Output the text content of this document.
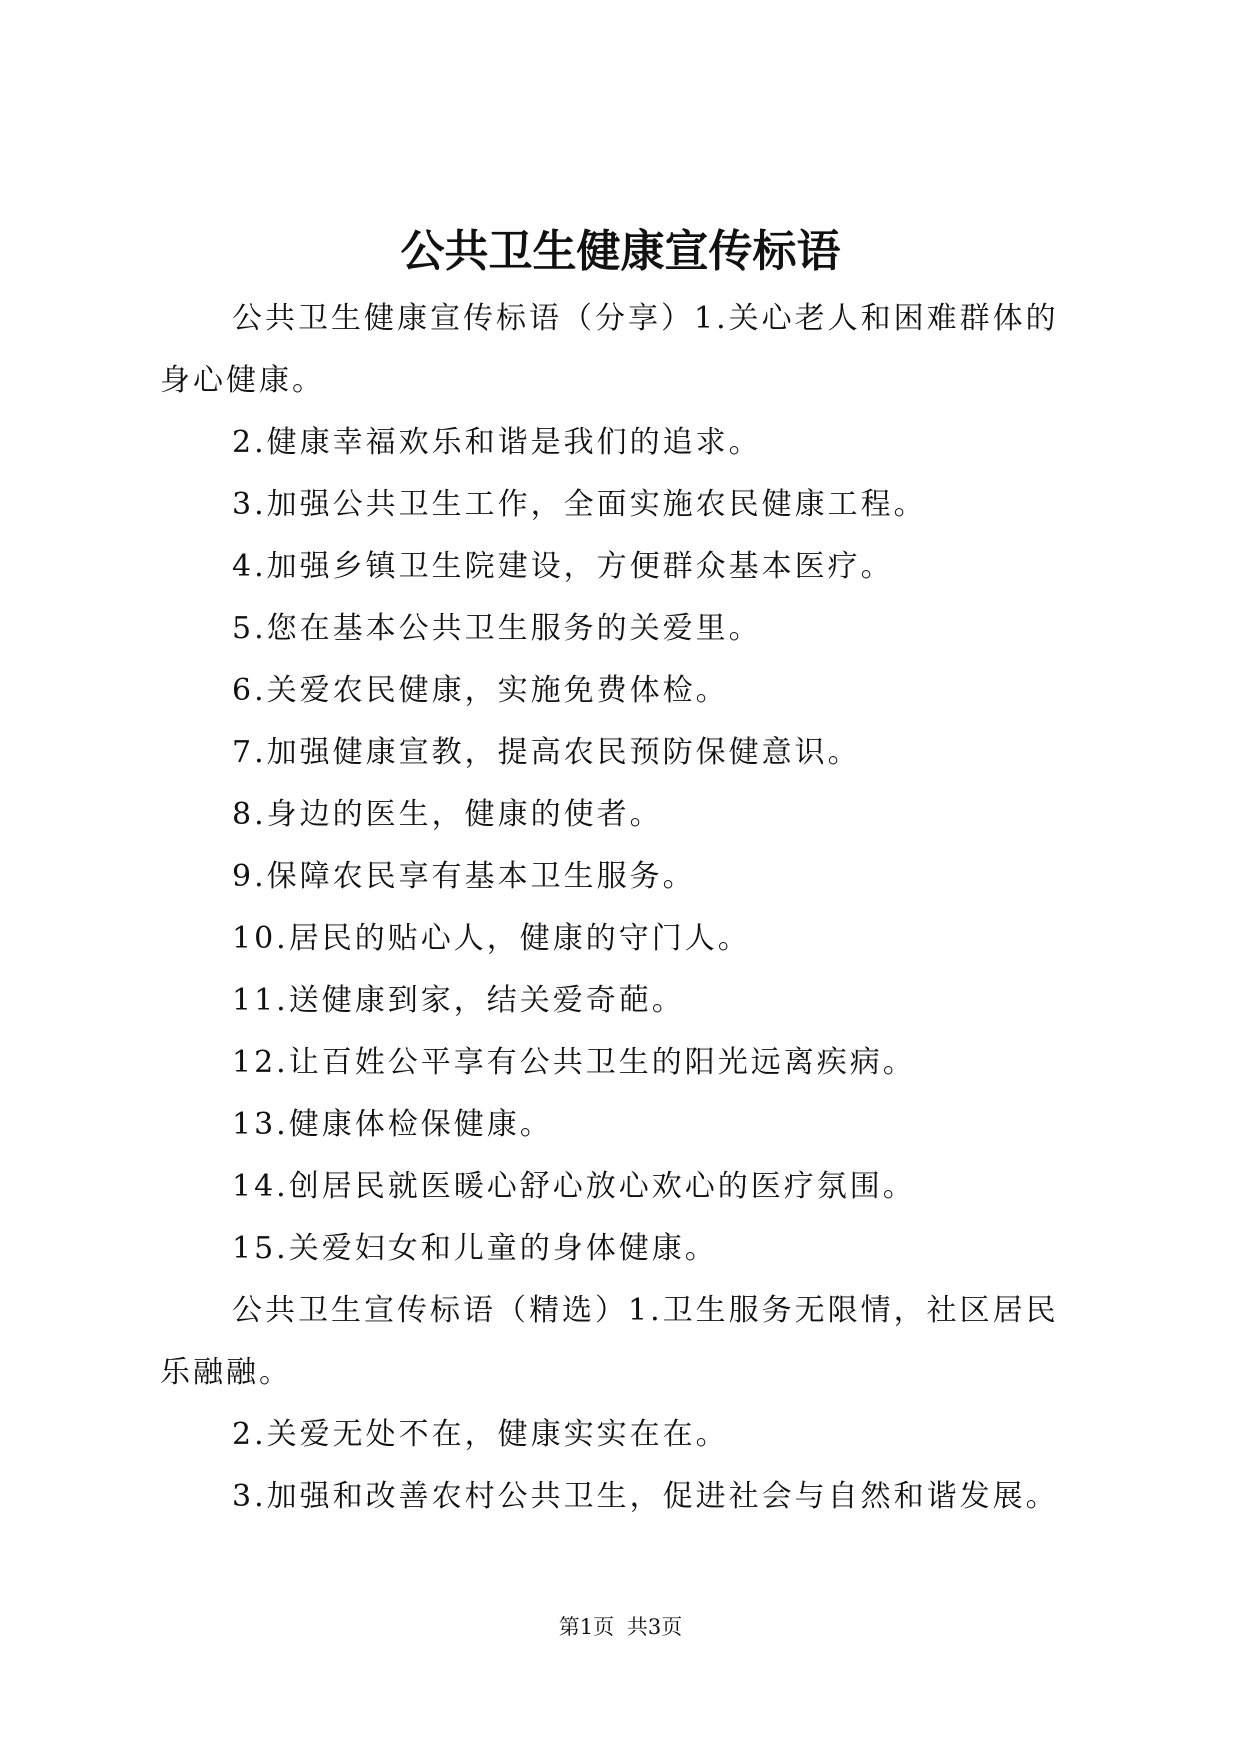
公共卫生健康宣传标语

公共卫生健康宣传标语（分享）1.关心老人和困难群体的身心健康。

2.健康幸福欢乐和谐是我们的追求。

3.加强公共卫生工作，全面实施农民健康工程。

4.加强乡镇卫生院建设，方便群众基本医疗。

5.您在基本公共卫生服务的关爱里。

6.关爱农民健康，实施免费体检。

7.加强健康宣教，提高农民预防保健意识。

8.身边的医生，健康的使者。

9.保障农民享有基本卫生服务。

10.居民的贴心人，健康的守门人。

11.送健康到家，结关爱奇葩。

12.让百姓公平享有公共卫生的阳光远离疾病。

13.健康体检保健康。

14.创居民就医暖心舒心放心欢心的医疗氛围。

15.关爱妇女和儿童的身体健康。

公共卫生宣传标语（精选）1.卫生服务无限情，社区居民乐融融。

2.关爱无处不在，健康实实在在。

3.加强和改善农村公共卫生，促进社会与自然和谐发展。

第1页 共3页
